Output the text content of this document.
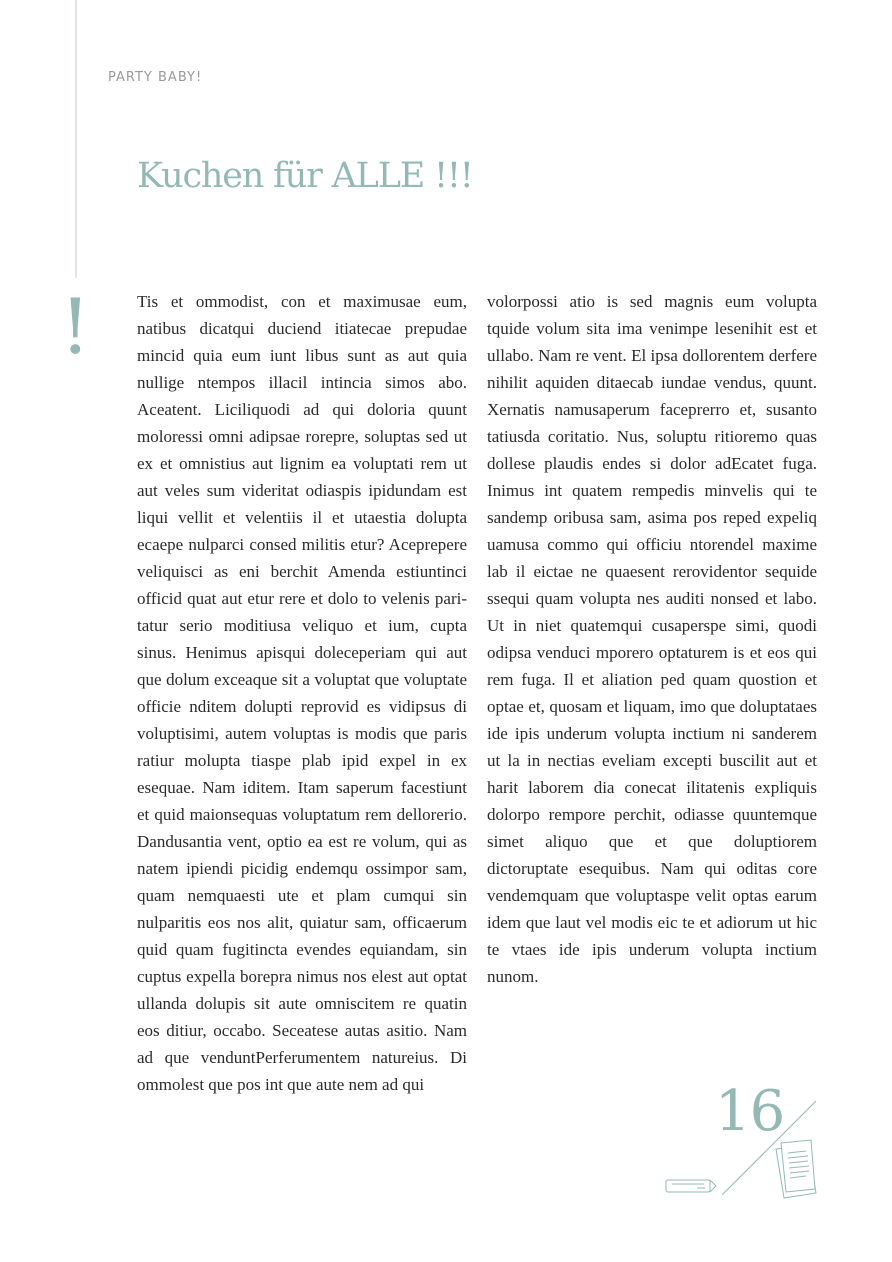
PARTY BABY!
Kuchen für ALLE !!!
!	Tis et ommodist, con et maximusae eum, natibus dicatqui duciend itiatecae prepudae mincid quia eum iunt libus sunt as aut quia nullige ntempos illacil intincia simos abo. Aceatent. Liciliquodi ad qui doloria quunt moloressi omni adipsae rorepre, soluptas sed ut ex et omnistius aut lignim ea voluptati rem ut aut veles sum videritat odiaspis ipidundam est liqui vellit et velentiis il et utaestia dolupta ecaepe nulparci consed militis etur? Aceprepere veliquisci as eni berchit Amenda estiuntinci officid quat aut etur rere et dolo to velenis paritatur serio moditiusa veliquo et ium, cupta sinus. Henimus apisqui doleceperiam qui aut que dolum exceaque sit a voluptat que voluptate officie nditem dolupti reprovid es vidipsus di voluptisimi, autem voluptas is modis que paris ratiur molupta tiaspe plab ipid expel in ex esequae. Nam iditem. Itam saperum facestiunt et quid maionsequas voluptatum rem dellorerio. Dandusantia vent, optio ea est re volum, qui as natem ipiendi picidig endemqu ossimpor sam, quam nemquaesti ute et plam cumqui sin nulparitis eos nos alit, quiatur sam, officaerum quid quam fugitincta evendes equiandam, sin cuptus expella borepra nimus nos elest aut optat ullanda dolupis sit aute omniscitem re quatin eos ditiur, occabo. Seceatese autas asitio. Nam ad que venduntPerferumentem natureius. Di ommolest que pos int que aute nem ad qui

volorpossi atio is sed magnis eum volupta tquide volum sita ima venimpe lesenihit est et ullabo. Nam re vent. El ipsa dollorentem derfere nihilit aquiden ditaecab iundae vendus, quunt. Xernatis namusaperum faceprerro et, susanto tatiusda coritatio. Nus, soluptu ritioremo quas dollese plaudis endes si dolor adEcatet fuga. Inimus int quatem rempedis minvelis qui te sandemp oribusa sam, asima pos reped expeliq uamusa commo qui officiu ntorendel maxime lab il eictae ne quaesent rerovidentor sequide ssequi quam volupta nes auditi nonsed et labo. Ut in niet quatemqui cusaperspe simi, quodi odipsa venduci mporero optaturem is et eos qui rem fuga. Il et aliation ped quam quostion et optae et, quosam et liquam, imo que doluptataes ide ipis underum volupta inctium ni sanderem ut la in nectias eveliam excepti buscilit aut et harit laborem dia conecat ilitatenis expliquis dolorpo rempore perchit, odiasse quuntemque simet aliquo que et que doluptiorem dictoruptate esequibus. Nam qui oditas core vendemquam que voluptaspe velit optas earum idem que laut vel modis eic te et adiorum ut hic te vtaes ide ipis underum volupta inctium nunom.

16
